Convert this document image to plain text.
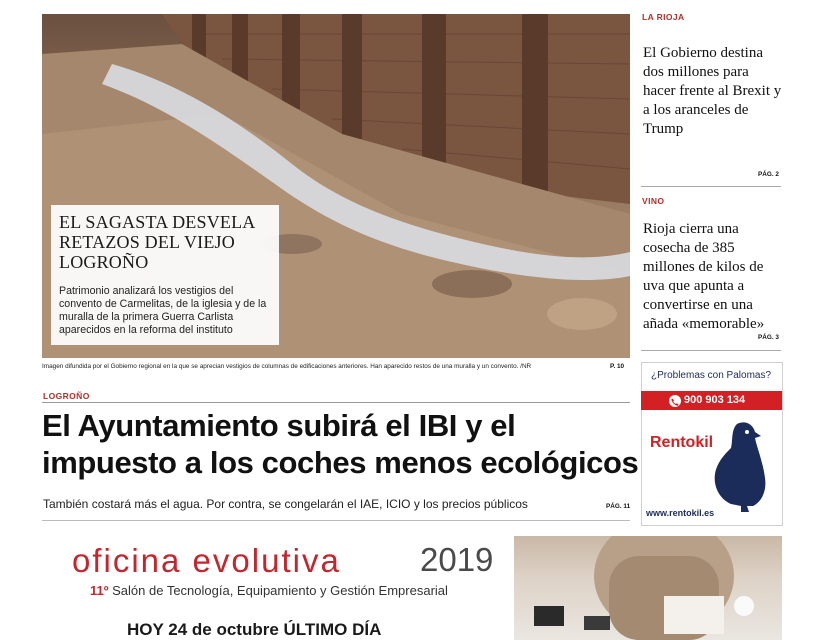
EL SAGASTA DESVELA RETAZOS DEL VIEJO LOGROÑO
Patrimonio analizará los vestigios del convento de Carmelitas, de la iglesia y de la muralla de la primera Guerra Carlista aparecidos en la reforma del instituto
Imagen difundida por el Gobierno regional en la que se aprecian vestigios de columnas de edificaciones anteriores. Han aparecido restos de una muralla y un convento. /NR	P. 10
LOGROÑO
El Ayuntamiento subirá el IBI y el impuesto a los coches menos ecológicos
También costará más el agua. Por contra, se congelarán el IAE, ICIO y los precios públicos	PÁG. 11
LA RIOJA
El Gobierno destina dos millones para hacer frente al Brexit y a los aranceles de Trump
PÁG. 2
VINO
Rioja cierra una cosecha de 385 millones de kilos de uva que apunta a convertirse en una añada «memorable»
PÁG. 3
¿Problemas con Palomas?
900 903 134
Rentokil
www.rentokil.es
oficina evolutiva 2019
11º Salón de Tecnología, Equipamiento y Gestión Empresarial
HOY 24 de octubre ÚLTIMO DÍA
